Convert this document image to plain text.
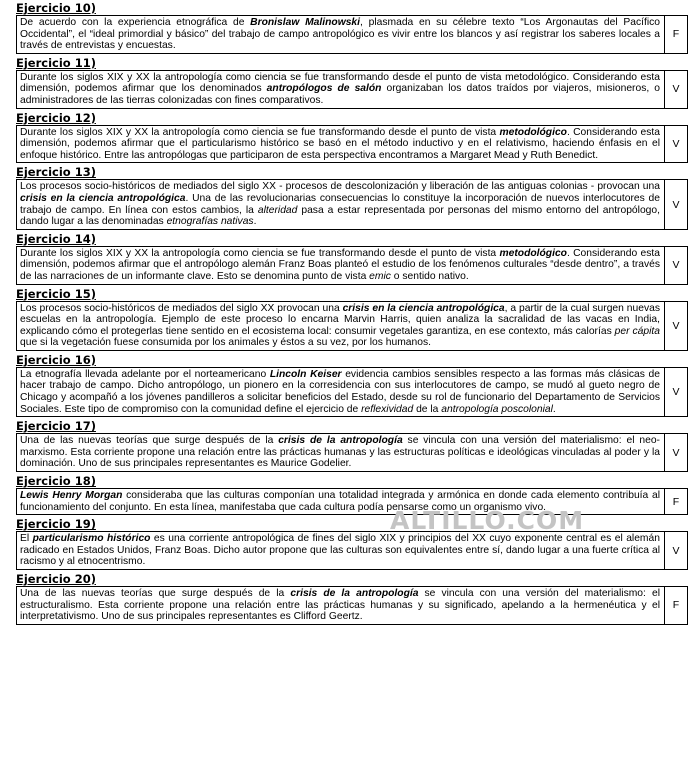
Ejercicio 10)
De acuerdo con la experiencia etnográfica de Bronislaw Malinowski, plasmada en su célebre texto “Los Argonautas del Pacífico Occidental”, el “ideal primordial y básico” del trabajo de campo antropológico es vivir entre los blancos y así registrar los saberes locales a través de entrevistas y encuestas.
F
Ejercicio 11)
Durante los siglos XIX y XX la antropología como ciencia se fue transformando desde el punto de vista metodológico. Considerando esta dimensión, podemos afirmar que los denominados antropólogos de salón organizaban los datos traídos por viajeros, misioneros, o administradores de las tierras colonizadas con fines comparativos.
V
Ejercicio 12)
Durante los siglos XIX y XX la antropología como ciencia se fue transformando desde el punto de vista metodológico. Considerando esta dimensión, podemos afirmar que el particularismo histórico se basó en el método inductivo y en el relativismo, haciendo énfasis en el enfoque histórico. Entre las antropólogas que participaron de esta perspectiva encontramos a Margaret Mead y Ruth Benedict.
V
Ejercicio 13)
Los procesos socio-históricos de mediados del siglo XX - procesos de descolonización y liberación de las antiguas colonias - provocan una crisis en la ciencia antropológica. Una de las revolucionarias consecuencias lo constituye la incorporación de nuevos interlocutores de trabajo de campo. En línea con estos cambios, la alteridad pasa a estar representada por personas del mismo entorno del antropólogo, dando lugar a las denominadas etnografías nativas.
V
Ejercicio 14)
Durante los siglos XIX y XX la antropología como ciencia se fue transformando desde el punto de vista metodológico. Considerando esta dimensión, podemos afirmar que el antropólogo alemán Franz Boas planteó el estudio de los fenómenos culturales “desde dentro”, a través de las narraciones de un informante clave. Esto se denomina punto de vista emic o sentido nativo.
V
Ejercicio 15)
Los procesos socio-históricos de mediados del siglo XX provocan una crisis en la ciencia antropológica, a partir de la cual surgen nuevas escuelas en la antropología. Ejemplo de este proceso lo encarna Marvin Harris, quien analiza la sacralidad de las vacas en India, explicando cómo el protegerlas tiene sentido en el ecosistema local: consumir vegetales garantiza, en ese contexto, más calorías per cápita que si la vegetación fuese consumida por los animales y éstos a su vez, por los humanos.
V
Ejercicio 16)
La etnografía llevada adelante por el norteamericano Lincoln Keiser evidencia cambios sensibles respecto a las formas más clásicas de hacer trabajo de campo. Dicho antropólogo, un pionero en la corresidencia con sus interlocutores de campo, se mudó al gueto negro de Chicago y acompañó a los jóvenes pandilleros a solicitar beneficios del Estado, desde su rol de funcionario del Departamento de Servicios Sociales. Este tipo de compromiso con la comunidad define el ejercicio de reflexividad de la antropología poscolonial.
V
Ejercicio 17)
Una de las nuevas teorías que surge después de la crisis de la antropología se vincula con una versión del materialismo: el neo-marxismo. Esta corriente propone una relación entre las prácticas humanas y las estructuras políticas e ideológicas vinculadas al poder y la dominación. Uno de sus principales representantes es Maurice Godelier.
V
Ejercicio 18)
Lewis Henry Morgan consideraba que las culturas componían una totalidad integrada y armónica en donde cada elemento contribuía al funcionamiento del conjunto. En esta línea, manifestaba que cada cultura podía pensarse como un organismo vivo.	F
Ejercicio 19)
El particularismo histórico es una corriente antropológica de fines del siglo XIX y principios del XX cuyo exponente central es el alemán radicado en Estados Unidos, Franz Boas. Dicho autor propone que las culturas son equivalentes entre sí, dando lugar a una fuerte crítica al racismo y al etnocentrismo.
V
Ejercicio 20)
Una de las nuevas teorías que surge después de la crisis de la antropología se vincula con una versión del materialismo: el estructuralismo. Esta corriente propone una relación entre las prácticas humanas y su significado, apelando a la hermenéutica y el interpretativismo. Uno de sus principales representantes es Clifford Geertz.
F
ALTILLO.COM
